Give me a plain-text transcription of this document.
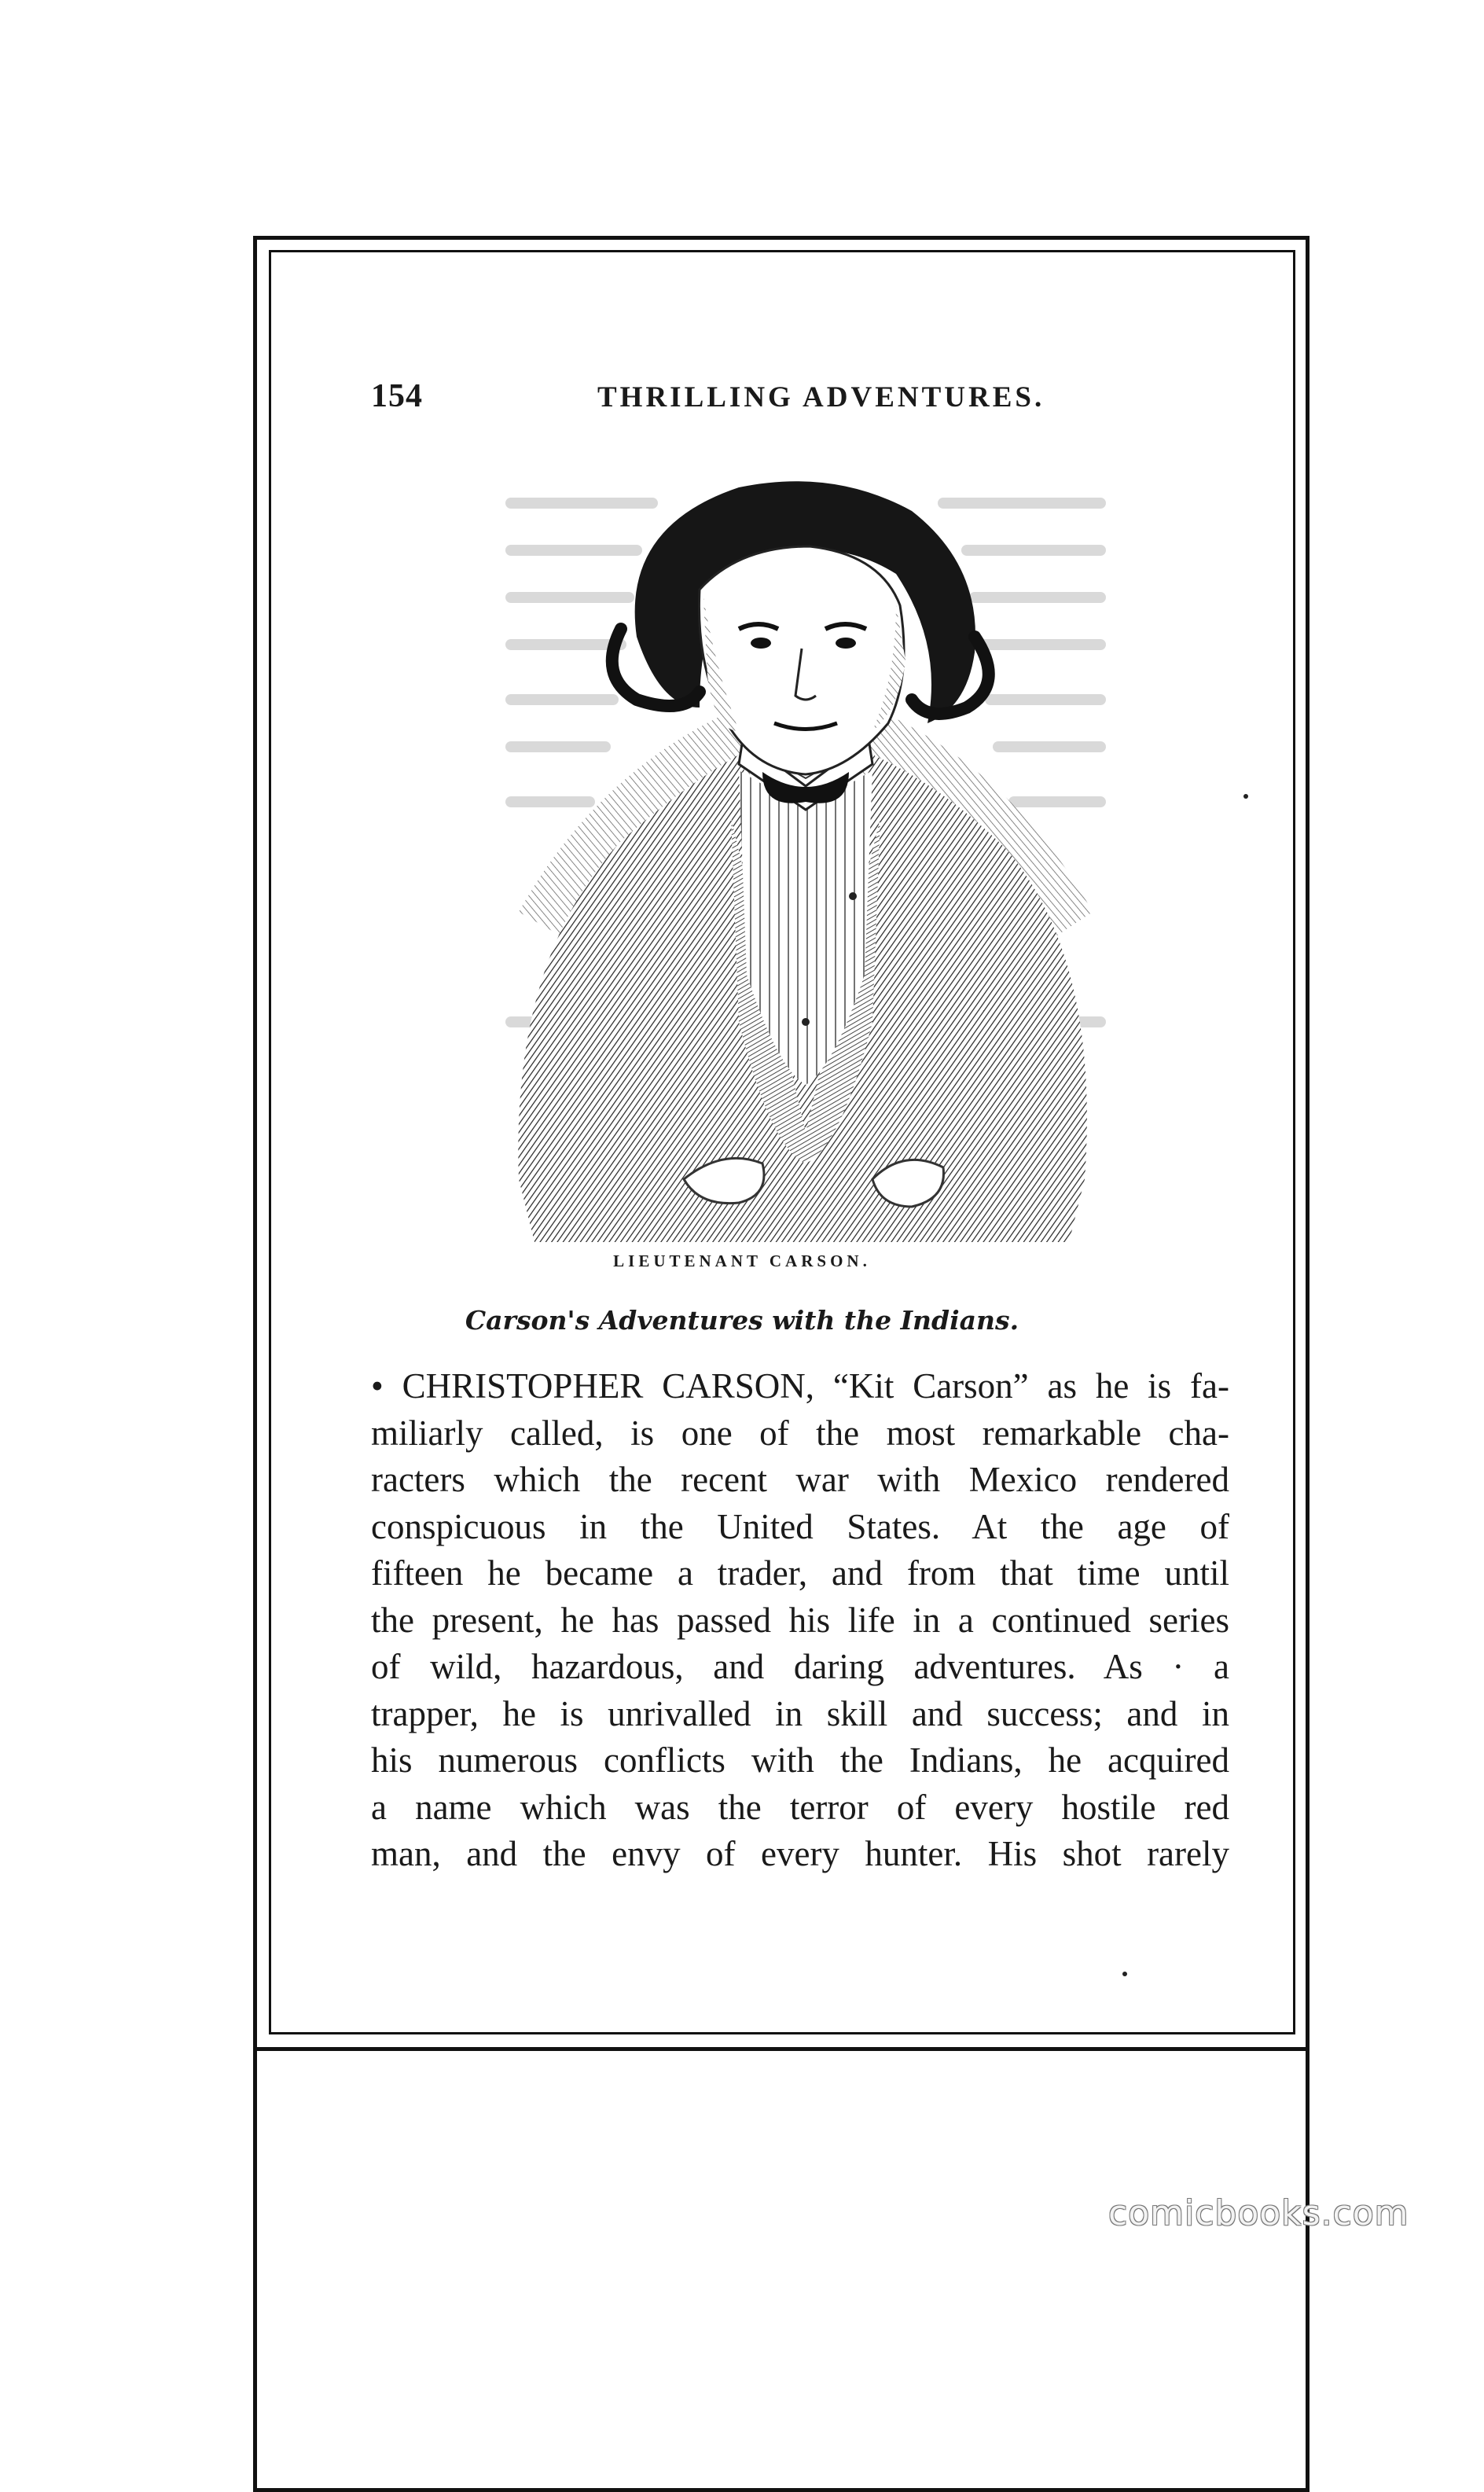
154	THRILLING ADVENTURES.
LIEUTENANT CARSON.
Carson's Adventures with the Indians.
• CHRISTOPHER CARSON, “Kit Carson” as he is fa-
miliarly called, is one of the most remarkable cha-
racters which the recent war with Mexico rendered
conspicuous in the United States. At the age of
fifteen he became a trader, and from that time until
the present, he has passed his life in a continued series
of wild, hazardous, and daring adventures. As · a
trapper, he is unrivalled in skill and success; and in
his numerous conflicts with the Indians, he acquired
a name which was the terror of every hostile red
man, and the envy of every hunter. His shot rarely
comicbooks.com
